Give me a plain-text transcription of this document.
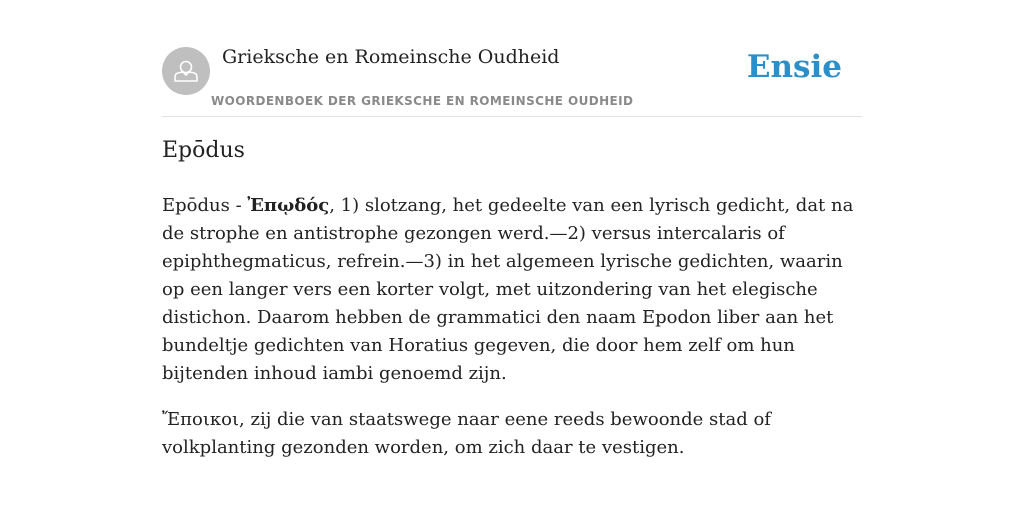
Grieksche en Romeinsche Oudheid
WOORDENBOEK DER GRIEKSCHE EN ROMEINSCHE OUDHEID
Ensie
Epōdus

Epōdus - Ἐπῳδός, 1) slotzang, het gedeelte van een lyrisch gedicht, dat na de strophe en antistrophe gezongen werd.—2) versus intercalaris of epiphthegmaticus, refrein.—3) in het algemeen lyrische gedichten, waarin op een langer vers een korter volgt, met uitzondering van het elegische distichon. Daarom hebben de grammatici den naam Epodon liber aan het bundeltje gedichten van Horatius gegeven, die door hem zelf om hun bijtenden inhoud iambi genoemd zijn.

Ἔποικοι, zij die van staatswege naar eene reeds bewoonde stad of volkplanting gezonden worden, om zich daar te vestigen.
